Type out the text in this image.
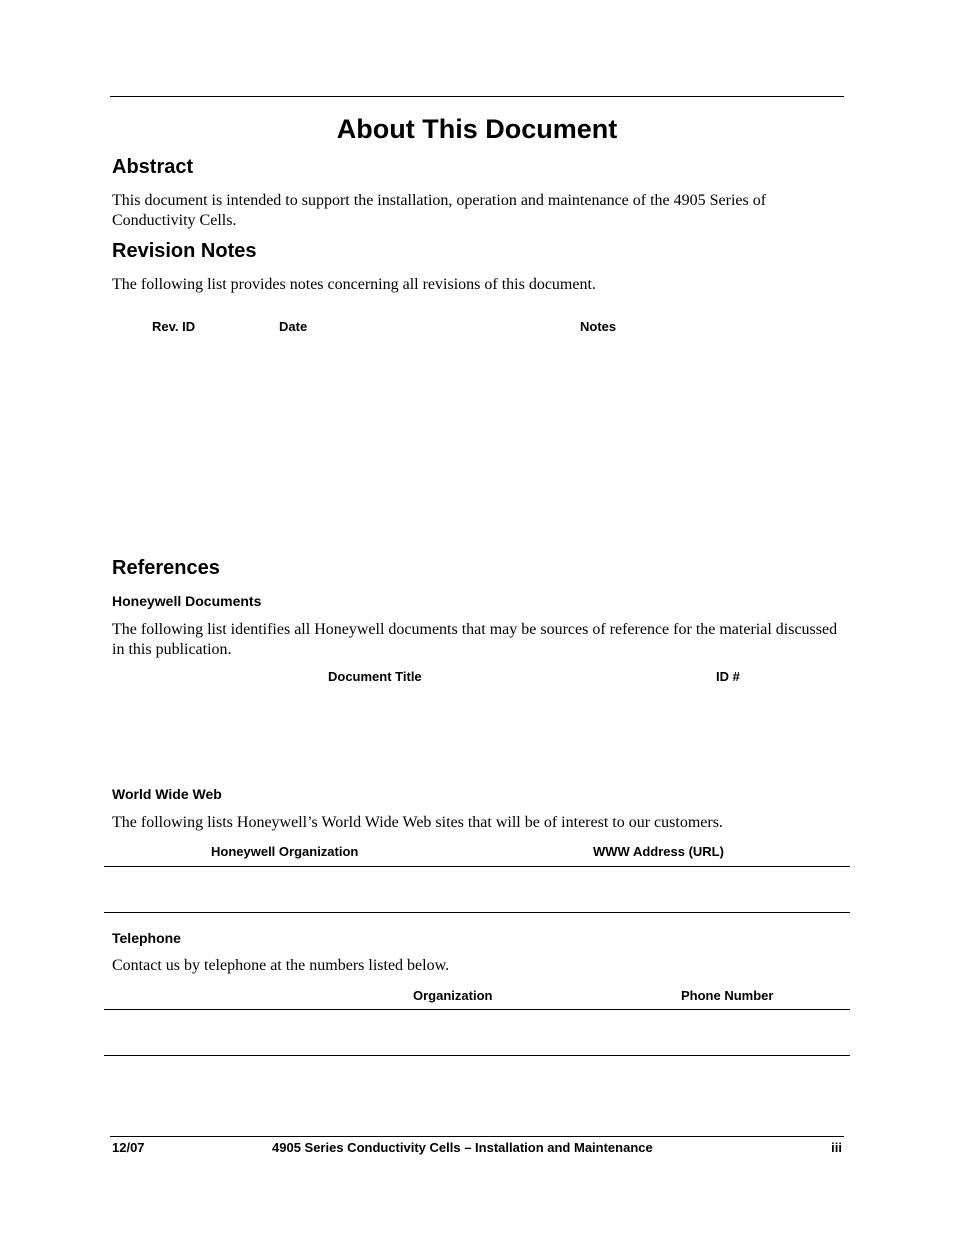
About This Document
Abstract
This document is intended to support the installation, operation and maintenance of the 4905 Series of Conductivity Cells.
Revision Notes
The following list provides notes concerning all revisions of this document.
Rev. ID	Date	Notes
References
Honeywell Documents
The following list identifies all Honeywell documents that may be sources of reference for the material discussed in this publication.
Document Title	ID #
World Wide Web
The following lists Honeywell’s World Wide Web sites that will be of interest to our customers.
Honeywell Organization	WWW Address (URL)
Telephone
Contact us by telephone at the numbers listed below.
Organization	Phone Number
12/07	4905 Series Conductivity Cells – Installation and Maintenance	iii
